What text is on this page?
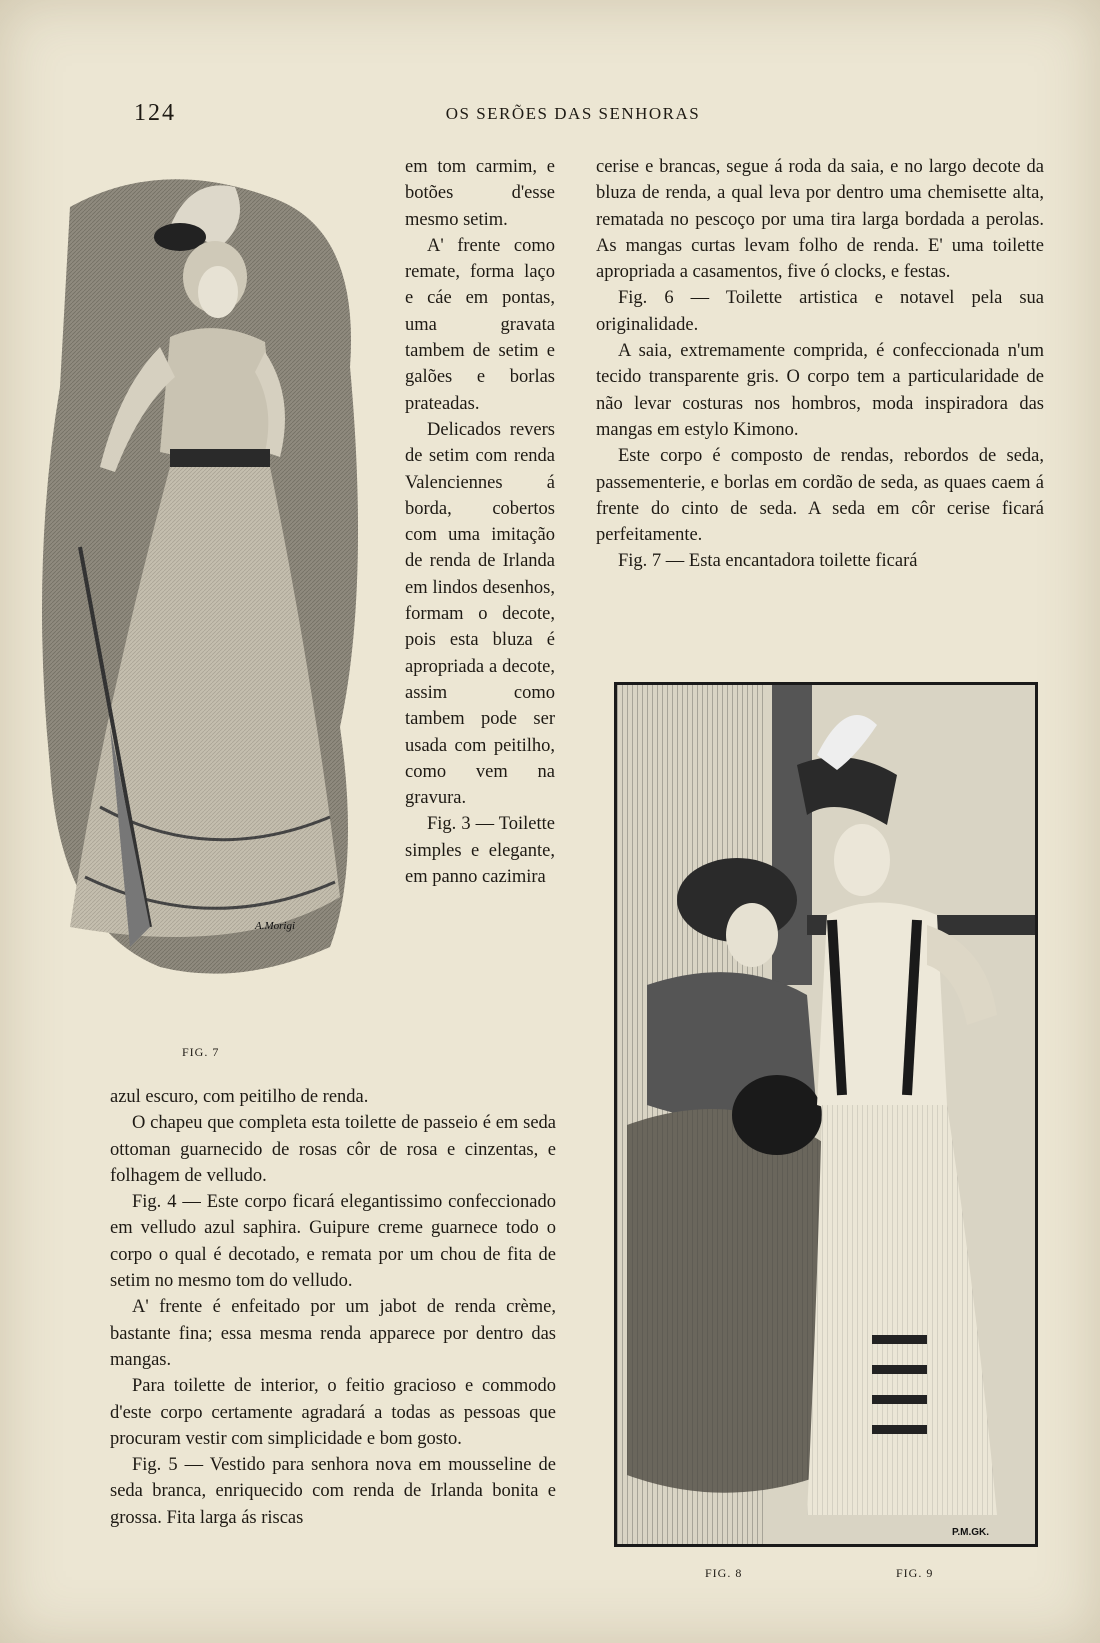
124	OS SERÕES DAS SENHORAS
A.Morigi
FIG. 7

em tom carmim, e botões d'esse mesmo setim.

A' frente como remate, forma laço e cáe em pontas, uma gravata tambem de setim e galões e borlas prateadas.

Delicados revers de setim com renda Valenciennes á borda, cobertos com uma imitação de renda de Irlanda em lindos desenhos, formam o decote, pois esta bluza é apropriada a decote, assim como tambem pode ser usada com peitilho, como vem na gravura.

Fig. 3 — Toilette simples e elegante, em panno cazimira

azul escuro, com peitilho de renda.

O chapeu que completa esta toilette de passeio é em seda ottoman guarnecido de rosas côr de rosa e cinzentas, e folhagem de velludo.

Fig. 4 — Este corpo ficará elegantissimo confeccionado em velludo azul saphira. Guipure creme guarnece todo o corpo o qual é decotado, e remata por um chou de fita de setim no mesmo tom do velludo.

A' frente é enfeitado por um jabot de renda crème, bastante fina; essa mesma renda apparece por dentro das mangas.

Para toilette de interior, o feitio gracioso e commodo d'este corpo certamente agradará a todas as pessoas que procuram vestir com simplicidade e bom gosto.

Fig. 5 — Vestido para senhora nova em mousseline de seda branca, enriquecido com renda de Irlanda bonita e grossa. Fita larga ás riscas

cerise e brancas, segue á roda da saia, e no largo decote da bluza de renda, a qual leva por dentro uma chemisette alta, rematada no pescoço por uma tira larga bordada a perolas. As mangas curtas levam folho de renda. E' uma toilette apropriada a casamentos, five ó clocks, e festas.

Fig. 6 — Toilette artistica e notavel pela sua originalidade.

A saia, extremamente comprida, é confeccionada n'um tecido transparente gris. O corpo tem a particularidade de não levar costuras nos hombros, moda inspiradora das mangas em estylo Kimono.

Este corpo é composto de rendas, rebordos de seda, passementerie, e borlas em cordão de seda, as quaes caem á frente do cinto de seda. A seda em côr cerise ficará perfeitamente.

Fig. 7 — Esta encantadora toilette ficará

P.M.GK.
FIG. 8	FIG. 9
